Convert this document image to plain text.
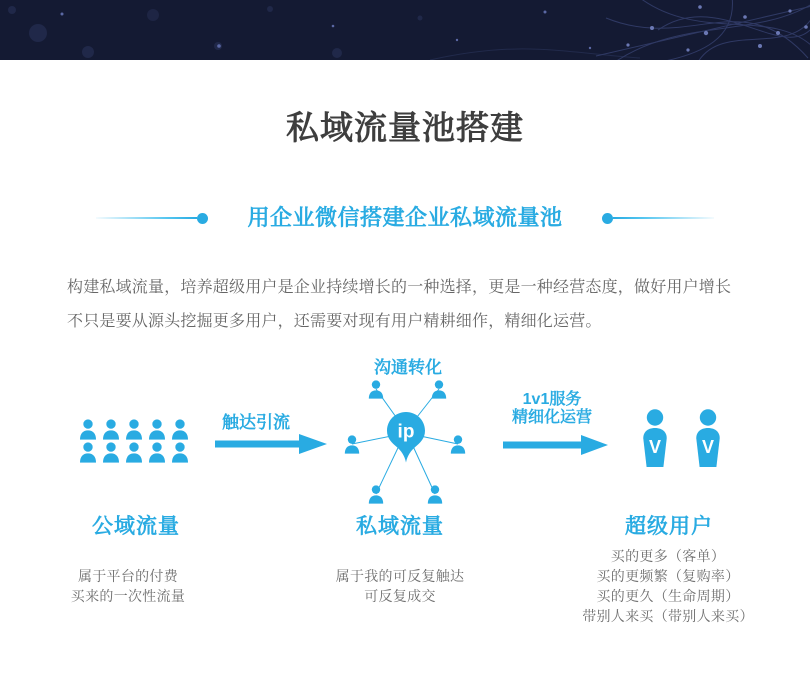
私域流量池搭建
用企业微信搭建企业私域流量池

构建私域流量，培养超级用户是企业持续增长的一种选择，更是一种经营态度，做好用户增长不只是要从源头挖掘更多用户，还需要对现有用户精耕细作，精细化运营。

触达引流
沟通转化
ip
1v1服务
精细化运营
V V
公域流量	私域流量	超级用户
属于平台的付费
买来的一次性流量
属于我的可反复触达
可反复成交
买的更多（客单）
买的更频繁（复购率）
买的更久（生命周期）
带别人来买（带别人来买）
